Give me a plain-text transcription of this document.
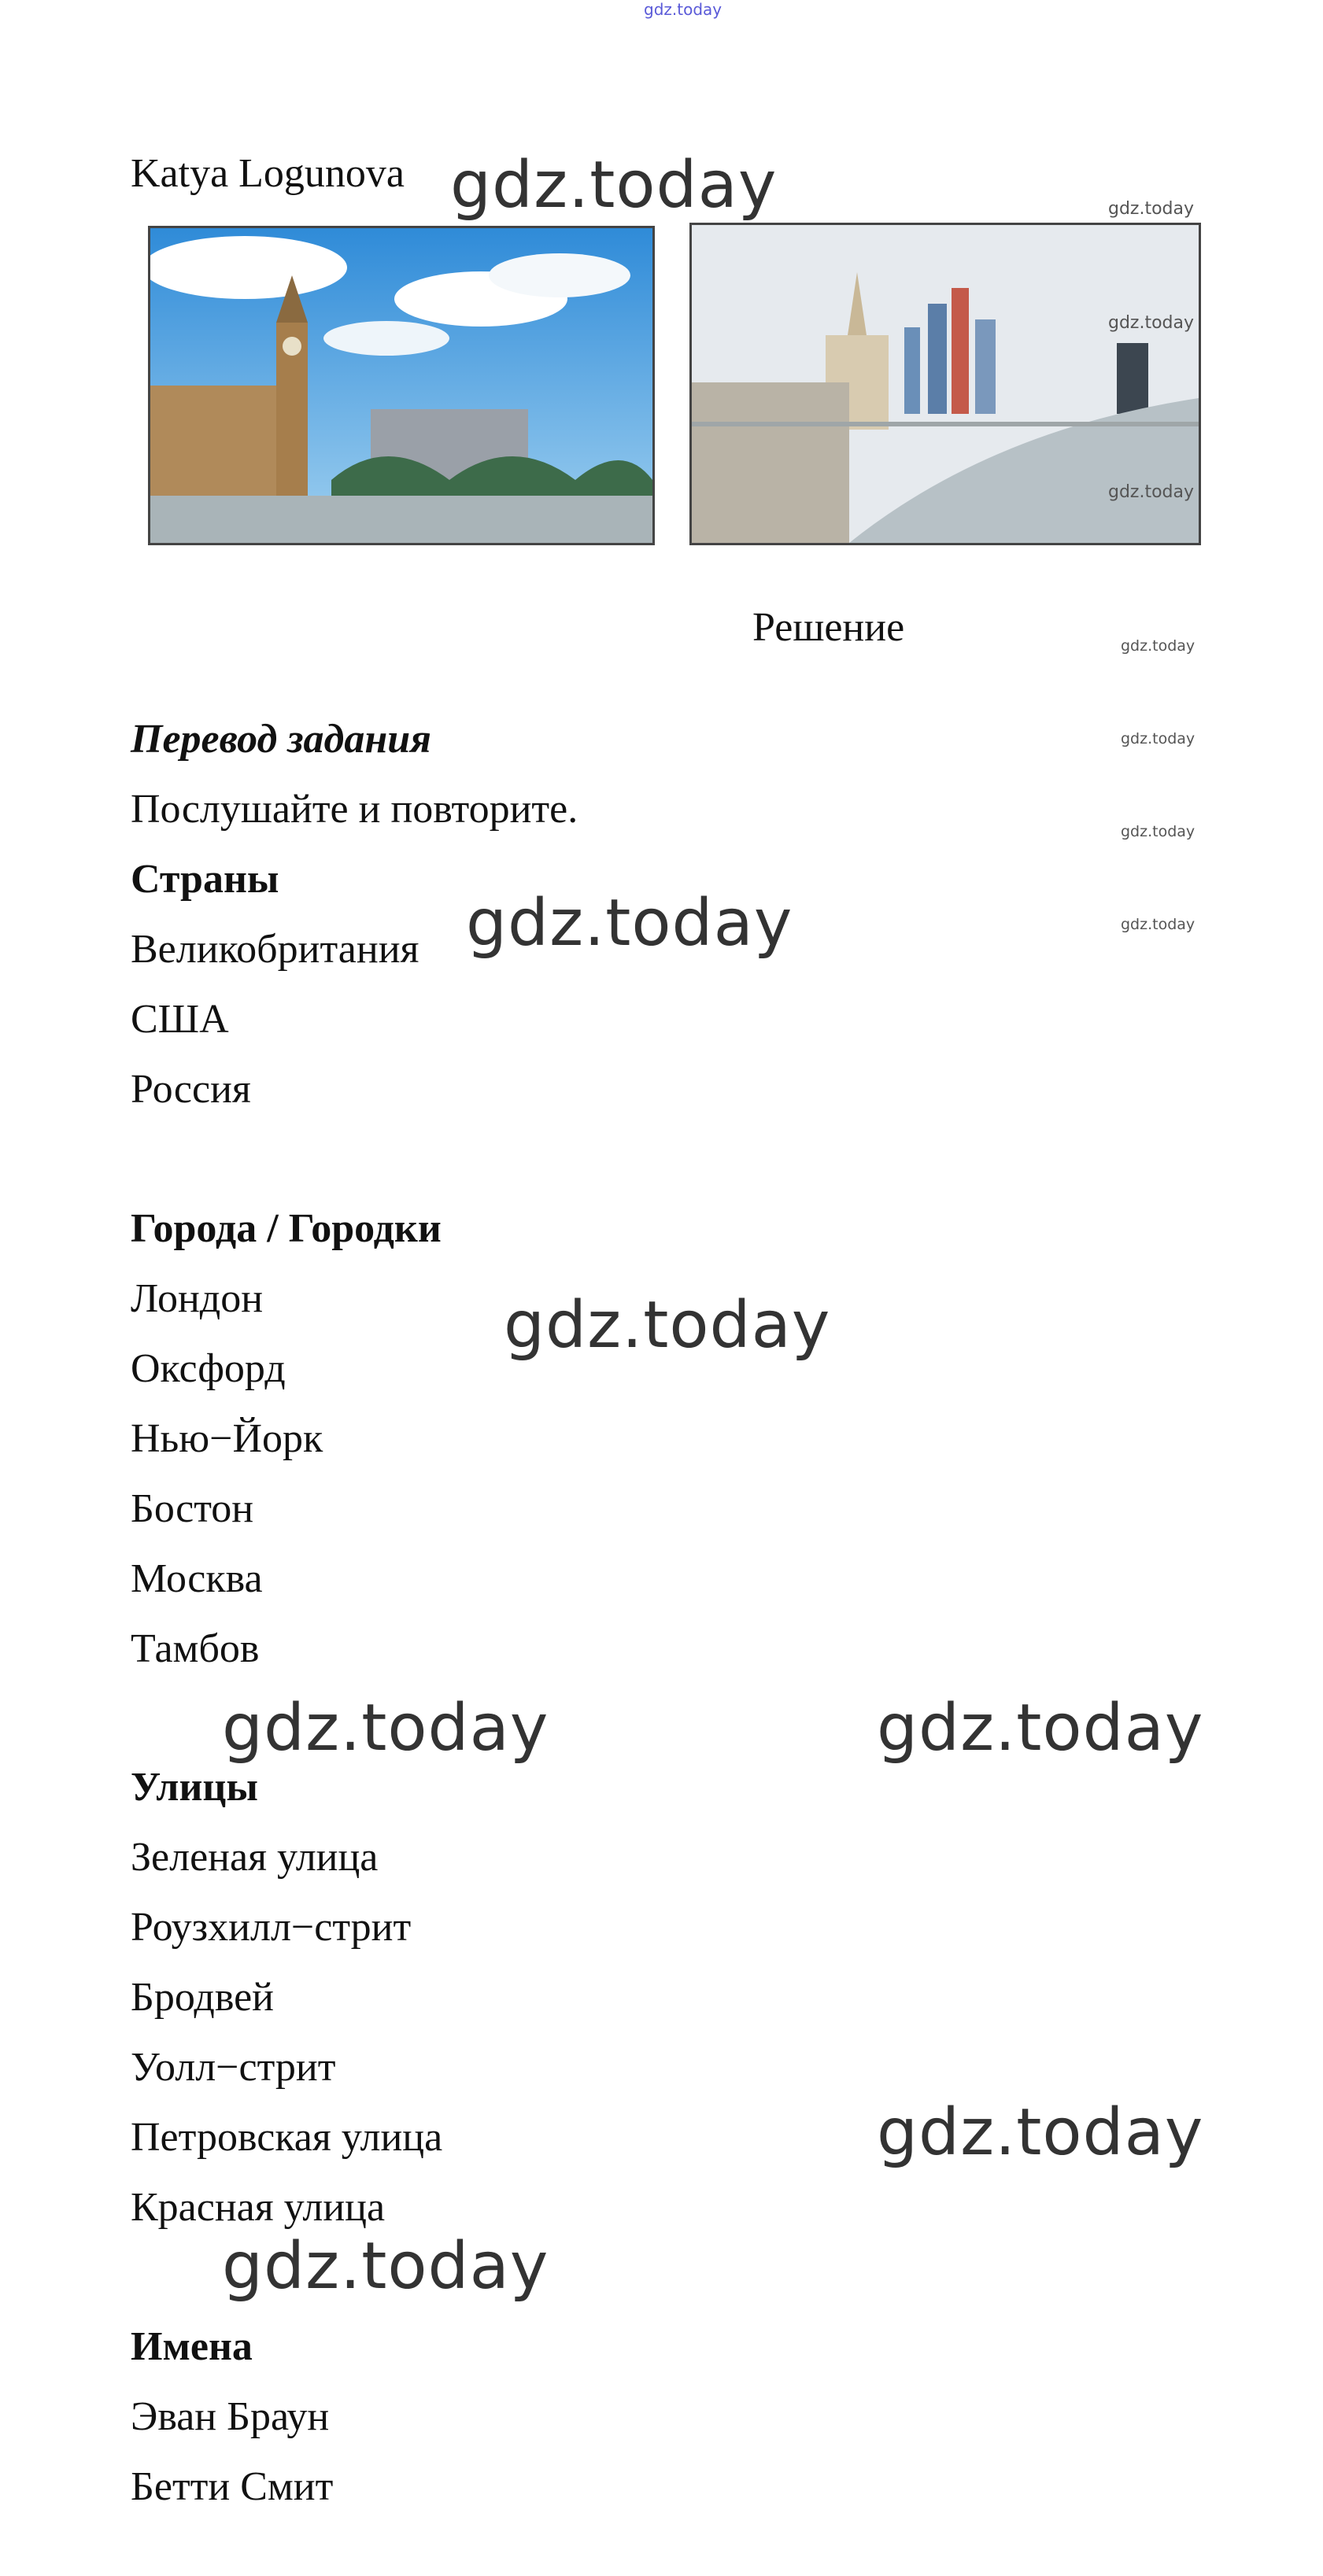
gdz.today
Katya Logunova gdz.today	gdz.today
gdz.today
gdz.today
Решение	gdz.today
Перевод задания	gdz.today
Послушайте и повторите.	gdz.today
Страны
gdz.today
Великобритания gdz.today
США
Россия
Города / Городки
Лондон	gdz.today
Оксфорд
Нью−Йорк
Бостон
Москва
Тамбов
gdz.today	gdz.today
Улицы
Зеленая улица
Роузхилл−стрит
Бродвей
Уолл−стрит
Петровская улица	gdz.today
Красная улица
gdz.today
Имена
Эван Браун
Бетти Смит
